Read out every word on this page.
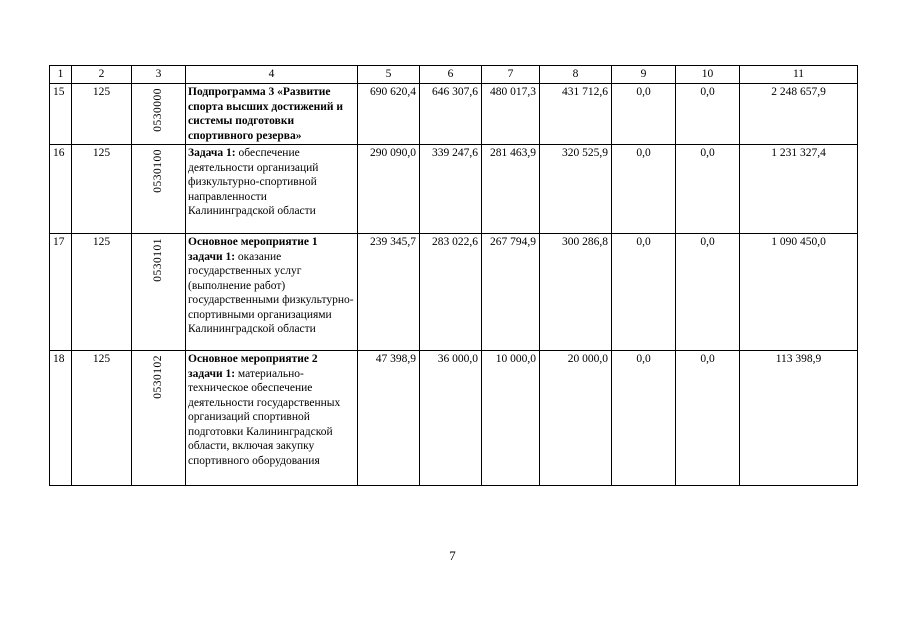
1	2	3	4	5	6	7	8	9	10	11
15	125	0530000	Подпрограмма 3 «Развитие спорта высших достижений и системы подготовки спортивного резерва»	690 620,4	646 307,6	480 017,3	431 712,6	0,0	0,0	2 248 657,9
16	125	0530100	Задача 1: обеспечение деятельности организаций физкультурно-спортивной направленности Калининградской области	290 090,0	339 247,6	281 463,9	320 525,9	0,0	0,0	1 231 327,4
17	125	0530101	Основное мероприятие 1 задачи 1: оказание государственных услуг (выполнение работ) государственными физкультурно-спортивными организациями Калининградской области	239 345,7	283 022,6	267 794,9	300 286,8	0,0	0,0	1 090 450,0
18	125	0530102	Основное мероприятие 2 задачи 1: материально-техническое обеспечение деятельности государственных организаций спортивной подготовки Калининградской области, включая закупку спортивного оборудования	47 398,9	36 000,0	10 000,0	20 000,0	0,0	0,0	113 398,9
7
